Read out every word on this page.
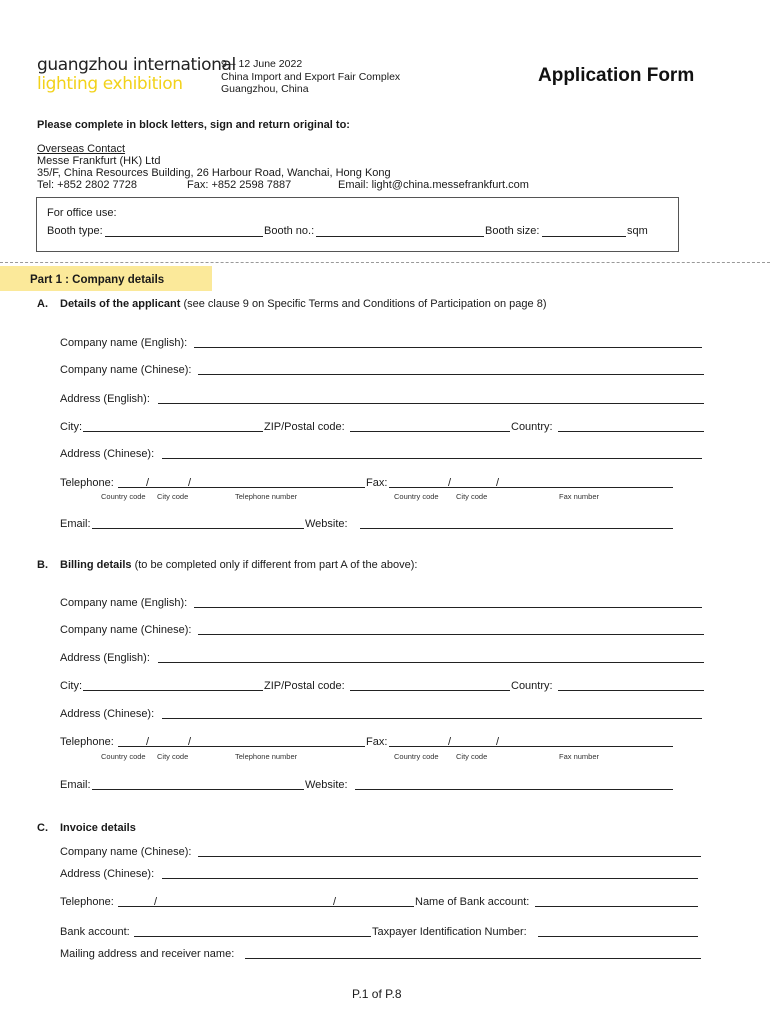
guangzhou international
lighting exhibition
9 – 12 June 2022
China Import and Export Fair Complex
Guangzhou, China
Application Form
Please complete in block letters, sign and return original to:
Overseas Contact
Messe Frankfurt (HK) Ltd
35/F, China Resources Building, 26 Harbour Road, Wanchai, Hong Kong
Tel: +852 2802 7728	Fax: +852 2598 7887	Email: light@china.messefrankfurt.com
For office use:
Booth type:	Booth no.:	Booth size:	sqm
Part 1 : Company details
A. Details of the applicant (see clause 9 on Specific Terms and Conditions of Participation on page 8)
Company name (English):
Company name (Chinese):
Address (English):
City:	ZIP/Postal code:	Country:
Address (Chinese):
Telephone:	/	/	Fax:	/	/
Country code City code	Telephone number	Country code City code	Fax number
Email:	Website:
B. Billing details (to be completed only if different from part A of the above):
Company name (English):
Company name (Chinese):
Address (English):
City:	ZIP/Postal code:	Country:
Address (Chinese):
Telephone:	/	/	Fax:	/	/
Country code City code	Telephone number	Country code City code	Fax number
Email:	Website:
C. Invoice details
Company name (Chinese):
Address (Chinese):
Telephone:	/	/	Name of Bank account:
Bank account:	Taxpayer Identification Number:
Mailing address and receiver name:
P.1 of P.8
